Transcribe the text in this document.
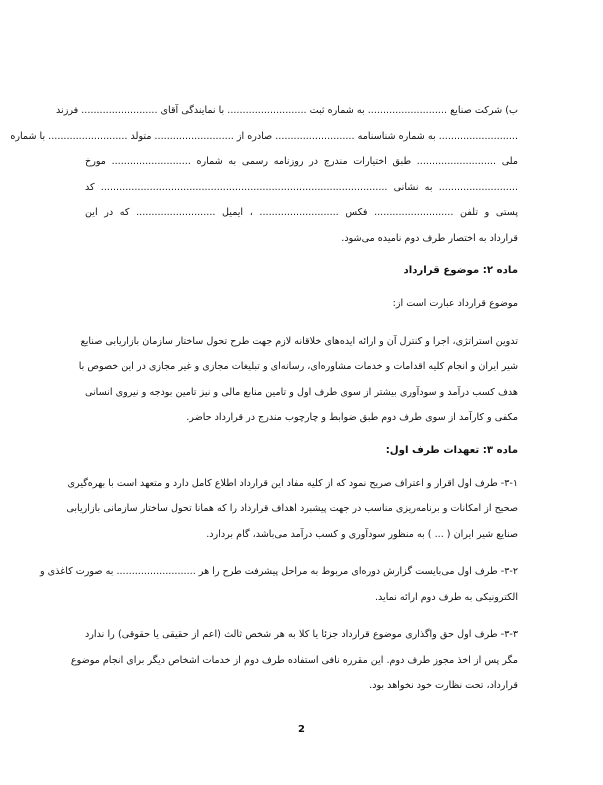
ب) شرکت صنایع .......................... به شماره ثبت .......................... با نمایندگی آقای ......................... فرزند

.......................... به شماره شناسنامه .......................... صادره از .......................... متولد .......................... با شماره

ملی .......................... طبق اختیارات مندرج در روزنامه رسمی به شماره .......................... مورخ

.......................... به نشانی .............................................................................................. کد

پستی و تلفن .......................... فکس .......................... ، ایمیل .......................... که در این

قرارداد به اختصار طرف دوم نامیده می‌شود.

ماده ۲: موضوع قرارداد

موضوع قرارداد عبارت است از:

تدوین استراتژی، اجرا و کنترل آن و ارائه ایده‌های خلاقانه لازم جهت طرح تحول ساختار سازمان بازاریابی صنایع

شیر ایران و انجام کلیه اقدامات و خدمات مشاوره‌ای، رسانه‌ای و تبلیغات مجازی و غیر مجازی در این خصوص با

هدف کسب درآمد و سودآوری بیشتر از سوی طرف اول و تامین منابع مالی و نیز تامین بودجه و نیروی انسانی

مکفی و کارآمد از سوی طرف دوم طبق ضوابط و چارچوب مندرج در قرارداد حاضر.

ماده ۳: تعهدات طرف اول:

۳-۱- طرف اول اقرار و اعتراف صریح نمود که از کلیه مفاد این قرارداد اطلاع کامل دارد و متعهد است با بهره‌گیری

صحیح از امکانات و برنامه‌ریزی مناسب در جهت پیشبرد اهداف قرارداد را که همانا تحول ساختار سازمانی بازاریابی

صنایع شیر ایران ( ... ) به منظور سودآوری و کسب درآمد می‌باشد، گام بردارد.

۳-۲- طرف اول می‌بایست گزارش دوره‌ای مربوط به مراحل پیشرفت طرح را هر .......................... به صورت کاغذی و

الکترونیکی به طرف دوم ارائه نماید.

۳-۳- طرف اول حق واگذاری موضوع قرارداد جزئا یا کلا به هر شخص ثالث (اعم از حقیقی یا حقوقی) را ندارد

مگر پس از اخذ مجوز طرف دوم. این مقرره نافی استفاده طرف دوم از خدمات اشخاص دیگر برای انجام موضوع

قرارداد، تحت نظارت خود نخواهد بود.

2
